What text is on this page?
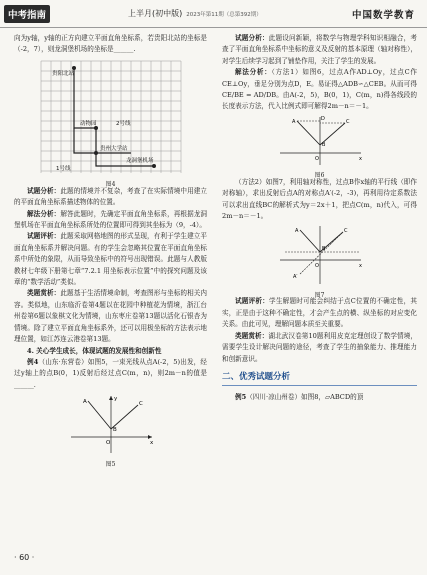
中考指南	上半月(初中版) 2023年第11期（总第392期）	中国数学教育

向为y轴，y轴的正方向建立平面直角坐标系，若贵阳北站的坐标是（-2，7），则龙洞堡机场的坐标是______.

贵阳北站
动物园	2号线
1号线
贵州大学站
龙洞堡机场

图4

试题分析：此题的情境并不复杂，考查了在实际情境中用建立的平面直角坐标系描述物体的位置。

解法分析：解答此题时，先确定平面直角坐标系，再根据龙洞堡机场在平面直角坐标系所处的位置即可得到其坐标为（9，-4）。

试题评析：此题采取网格地图的形式呈现，有利于学生建立平面直角坐标系并解决问题。有的学生会忽略其位置在平面直角坐标系中所处的象限，从而导致坐标中的符号出现错误。此题与人教版教材七年级下册第七章“7.2.1 用坐标表示位置”中的探究问题及该章的“数学活动”类似。

类题赏析：此题基于生活情境命制，考查图形与坐标的相关内容。类似地，山东临沂卷第4题以在花园中种植花为情境，浙江台州卷第6题以象棋文化为情境，山东枣庄卷第13题以活化石银杏为情境。除了建立平面直角坐标系外，还可以用极坐标的方法表示地理位置，如江苏连云港卷第13题。

4. 关心学生成长，体现试题的发展性和创新性

例4（山东·东营卷）如图5，一束光线从点A(-2，5)出发，经过y轴上的点B(0，1)反射后经过点C(m，n)，则2m－n的值是______.

A
B
C
O	x
y

图5

试题分析：此题设问新颖，将数学与物理学科知识相融合，考查了平面直角坐标系中坐标的意义及反射的基本原理（轴对称性），对学生后续学习起到了铺垫作用，关注了学生的发展。

解法分析：（方法1）如图6，过点A作AD⊥Oy，过点C作CE⊥Oy，垂足分别为点D，E。易证得△ADB∽△CEB。从而可得CE/BE = AD/DB。由A(-2，5)，B(0，1)，C(m，n)得各线段的长度表示方法，代入比例式即可解得2m－n＝－1。

A	D
B
C
O	x

图6

（方法2）如图7，利用轴对称性，过点B作x轴的平行线（即作对称轴），求出反射后点A的对称点A′(-2，-3)，再利用待定系数法可以求出直线BC的解析式为y＝2x＋1，把点C(m，n)代入，可得2m－n＝－1。

A
B
C
A′
O	x

图7

试题评析：学生解题时可能会纠结于点C位置的不确定性，其实，正是由于这种不确定性，才会产生点的横、纵坐标的对应变化关系。由此可见，理解问题本质至关重要。

类题赏析：湖北武汉卷第10题利用皮克定理创设了数学情境，需要学生设计解决问题的途径，考查了学生的抽象能力、推理能力和创新意识。

二、优秀试题分析

例5（四川·凉山州卷）如图8，▱ABCD的顶

· 60 ·
